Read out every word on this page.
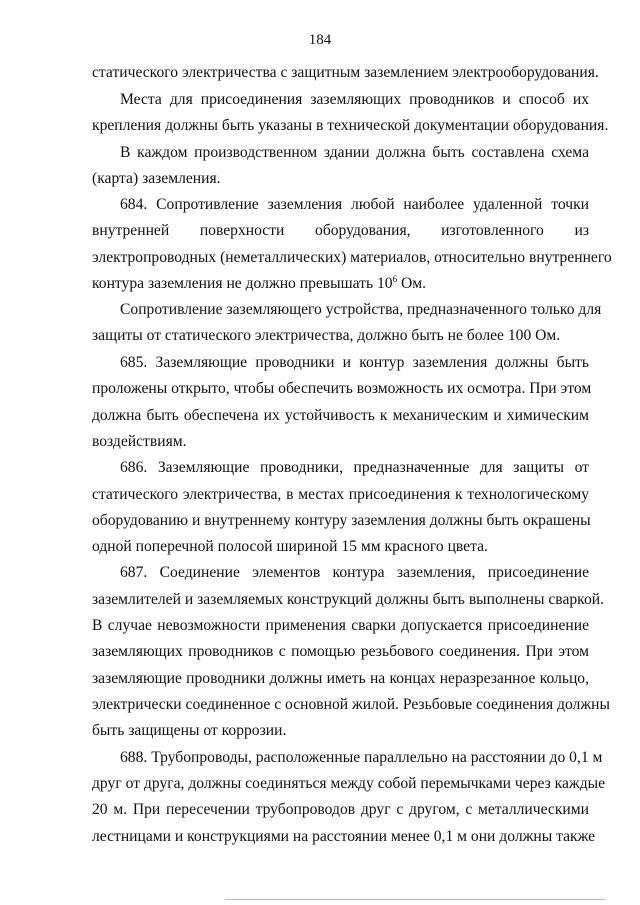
184
статического электричества с защитным заземлением электрооборудования.
Места для присоединения заземляющих проводников и способ их
крепления должны быть указаны в технической документации оборудования.
В каждом производственном здании должна быть составлена схема
(карта) заземления.
684. Сопротивление заземления любой наиболее удаленной точки
внутренней поверхности оборудования, изготовленного из
электропроводных (неметаллических) материалов, относительно внутреннего
контура заземления не должно превышать $10^6$ Ом.
Сопротивление заземляющего устройства, предназначенного только для
защиты от статического электричества, должно быть не более 100 Ом.
685. Заземляющие проводники и контур заземления должны быть
проложены открыто, чтобы обеспечить возможность их осмотра. При этом
должна быть обеспечена их устойчивость к механическим и химическим
воздействиям.
686. Заземляющие проводники, предназначенные для защиты от
статического электричества, в местах присоединения к технологическому
оборудованию и внутреннему контуру заземления должны быть окрашены
одной поперечной полосой шириной 15 мм красного цвета.
687. Соединение элементов контура заземления, присоединение
заземлителей и заземляемых конструкций должны быть выполнены сваркой.
В случае невозможности применения сварки допускается присоединение
заземляющих проводников с помощью резьбового соединения. При этом
заземляющие проводники должны иметь на концах неразрезанное кольцо,
электрически соединенное с основной жилой. Резьбовые соединения должны
быть защищены от коррозии.
688. Трубопроводы, расположенные параллельно на расстоянии до 0,1 м
друг от друга, должны соединяться между собой перемычками через каждые
20 м. При пересечении трубопроводов друг с другом, с металлическими
лестницами и конструкциями на расстоянии менее 0,1 м они должны также
